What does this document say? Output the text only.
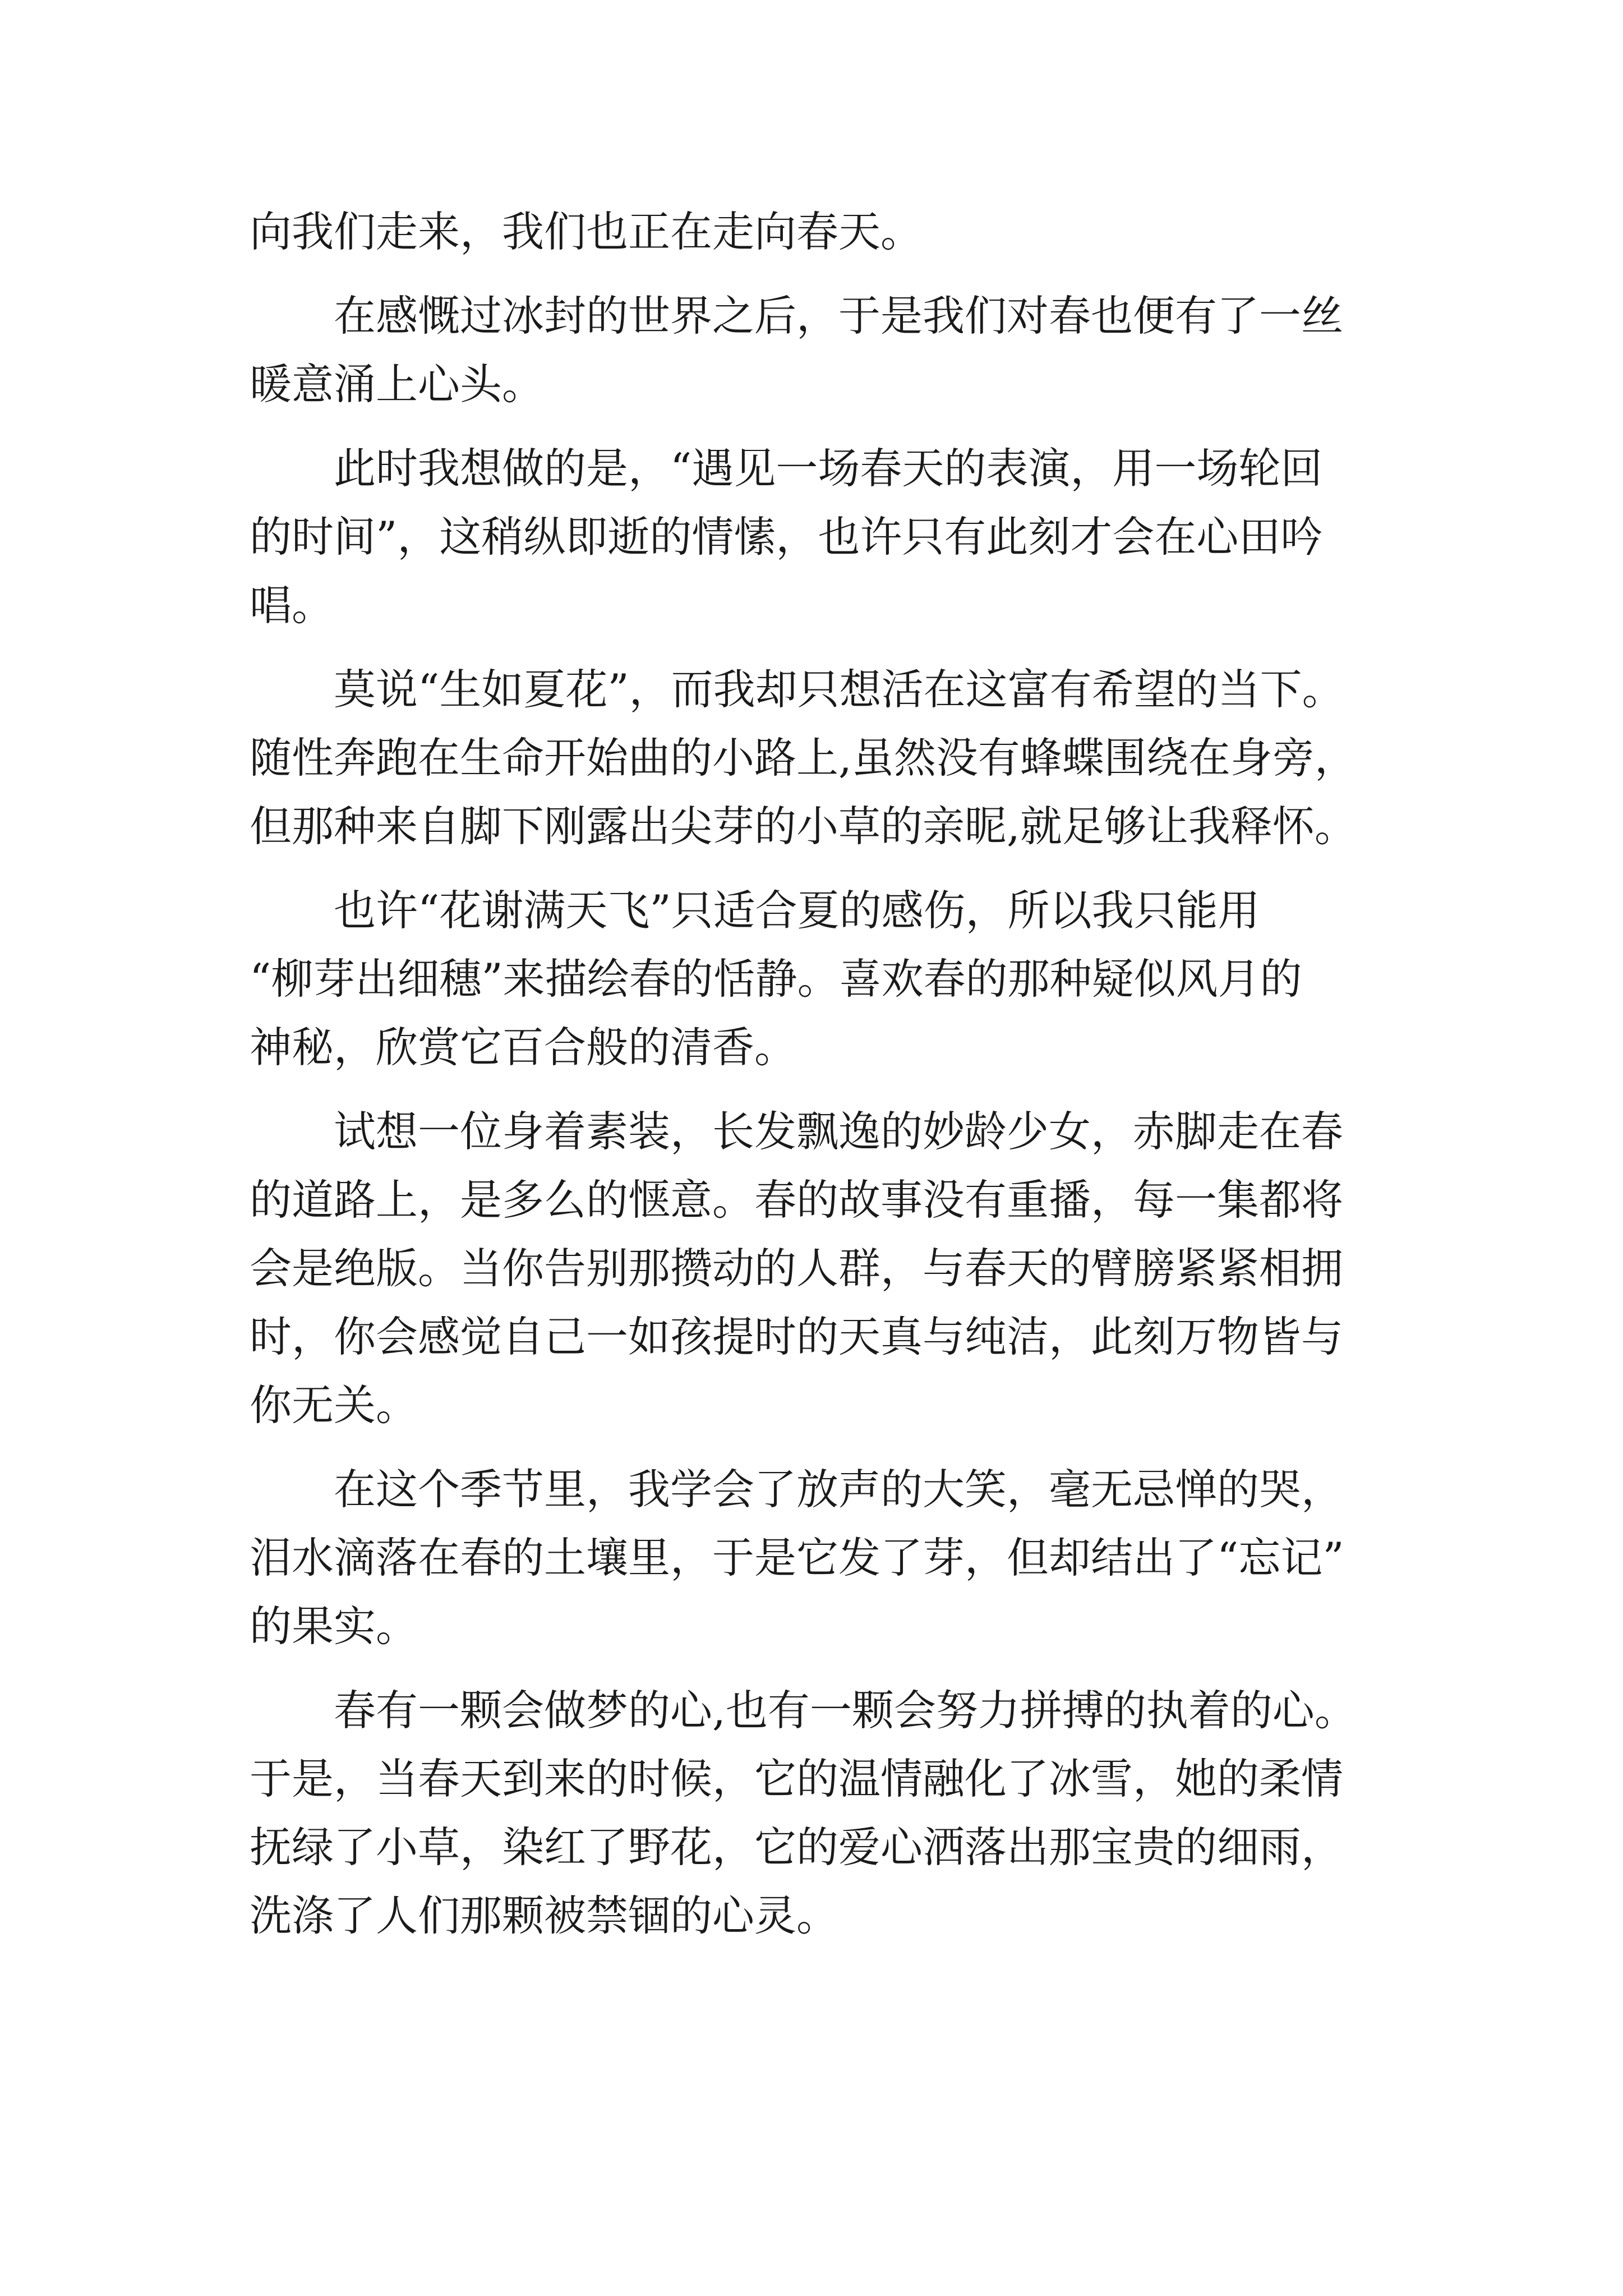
向我们走来，我们也正在走向春天。
　　在感慨过冰封的世界之后，于是我们对春也便有了一丝
暖意涌上心头。
　　此时我想做的是，“遇见一场春天的表演，用一场轮回
的时间”，这稍纵即逝的情愫，也许只有此刻才会在心田吟
唱。
　　莫说“生如夏花”，而我却只想活在这富有希望的当下。
随性奔跑在生命开始曲的小路上,虽然没有蜂蝶围绕在身旁，
但那种来自脚下刚露出尖芽的小草的亲昵,就足够让我释怀。
　　也许“花谢满天飞”只适合夏的感伤，所以我只能用
“柳芽出细穗”来描绘春的恬静。喜欢春的那种疑似风月的
神秘，欣赏它百合般的清香。
　　试想一位身着素装，长发飘逸的妙龄少女，赤脚走在春
的道路上，是多么的惬意。春的故事没有重播，每一集都将
会是绝版。当你告别那攒动的人群，与春天的臂膀紧紧相拥
时，你会感觉自己一如孩提时的天真与纯洁，此刻万物皆与
你无关。
　　在这个季节里，我学会了放声的大笑，毫无忌惮的哭，
泪水滴落在春的土壤里，于是它发了芽，但却结出了“忘记”
的果实。
　　春有一颗会做梦的心,也有一颗会努力拼搏的执着的心。
于是，当春天到来的时候，它的温情融化了冰雪，她的柔情
抚绿了小草，染红了野花，它的爱心洒落出那宝贵的细雨，
洗涤了人们那颗被禁锢的心灵。
